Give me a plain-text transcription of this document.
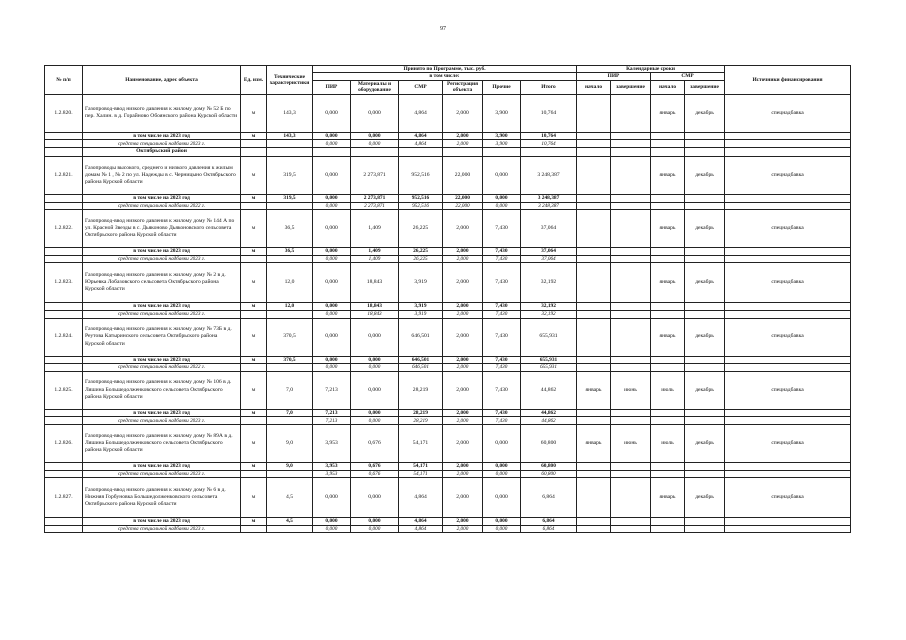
97
№ п/п	Наименование, адрес объекта	Ед. изм.	Технические характеристики	Принято по Программе, тыс. руб.						Календарные сроки				Источники финансирования
				в том числе:						ПИР		СМР		
				ПИР	Материалы и оборудование	СМР	Регистрация объекта	Прочие	Итого	начало	завершение	начало	завершение	

1.2.820.	Газопровод-ввод низкого давления к жилому дому № 52 Б по пер. Халин. в д. Горайново Обоянского района Курской области	м	143,3	0,000	0,000	4,864	2,000	3,900	10,764			январь	декабрь	спецнадбавка
	в том числе на 2023 год	м	143,3	0,000	0,000	4,864	2,000	3,900	10,764					
	средства специальной надбавки 2023 г.			0,000	0,000	4,864	2,000	3,900	10,764					
	Октябрьский район													
1.2.821.	Газопроводы высокого, среднего и низкого давления к жилым домам № 1 , № 2 по ул. Надежды в с. Черницыно Октябрьского района Курской области	м	319,5	0,000	2 273,871	952,516	22,000	0,000	3 248,387			январь	декабрь	спецнадбавка
	в том числе на 2023 год	м	319,5	0,000	2 273,871	952,516	22,000	0,000	3 248,387					
	средства специальной надбавки 2022 г.			0,000	2 273,871	952,516	22,000	0,000	3 248,387					
1.2.822.	Газопровод-ввод низкого давления к жилому дому № 144 А по ул. Красной Звезды в с. Дьяконово Дьяконовского сельсовета Октябрьского района Курской области	м	36,5	0,000	1,409	26,225	2,000	7,430	37,064			январь	декабрь	спецнадбавка
	в том числе на 2023 год	м	36,5	0,000	1,409	26,225	2,000	7,430	37,064					
	средства специальной надбавки 2023 г.			0,000	1,409	26,225	2,000	7,430	37,064					
1.2.823.	Газопровод-ввод низкого давления к жилому дому № 2 в д. Юрьевка Лобазовского сельсовета Октябрьского района Курской области	м	12,0	0,000	18,843	3,919	2,000	7,430	32,192			январь	декабрь	спецнадбавка
	в том числе на 2023 год	м	12,0	0,000	18,843	3,919	2,000	7,430	32,192					
	средства специальной надбавки 2023 г.			0,000	18,843	3,919	2,000	7,430	32,192					
1.2.824.	Газопровод-ввод низкого давления к жилому дому № 73Б в д. Реутова Катыринского сельсовета Октябрьского района Курской области	м	370,5	0,000	0,000	646,501	2,000	7,430	655,931			январь	декабрь	спецнадбавка
	в том числе на 2023 год	м	370,5	0,000	0,000	646,501	2,000	7,430	655,931					
	средства специальной надбавки 2022 г.			0,000	0,000	646,501	2,000	7,430	655,931					
1.2.825.	Газопровод-ввод низкого давления к жилому дому № 106 в д. Ляшина Большедолженковского сельсовета Октябрьского района Курской области	м	7,0	7,213	0,000	28,219	2,000	7,430	44,862	январь	июнь	июль	декабрь	спецнадбавка
	в том числе на 2023 год	м	7,0	7,213	0,000	28,219	2,000	7,430	44,862					
	средства специальной надбавки 2023 г.			7,213	0,000	28,219	2,000	7,430	44,862					
1.2.826.	Газопровод-ввод низкого давления к жилому дому № 89А в д. Ляшина Большедолженковского сельсовета Октябрьского района Курской области	м	9,0	3,953	0,676	54,171	2,000	0,000	60,800	январь	июнь	июль	декабрь	спецнадбавка
	в том числе на 2023 год	м	9,0	3,953	0,676	54,171	2,000	0,000	60,800					
	средства специальной надбавки 2023 г.			3,953	0,676	54,171	2,000	0,000	60,800					
1.2.827.	Газопровод-ввод низкого давления к жилому дому № 6 в д. Нижняя Горбуновка Большедолженковского сельсовета Октябрьского района Курской области	м	4,5	0,000	0,000	4,864	2,000	0,000	6,864			январь	декабрь	спецнадбавка
	в том числе на 2023 год	м	4,5	0,000	0,000	4,864	2,000	0,000	6,864					
	средства специальной надбавки 2023 г.			0,000	0,000	4,864	2,000	0,000	6,864					
